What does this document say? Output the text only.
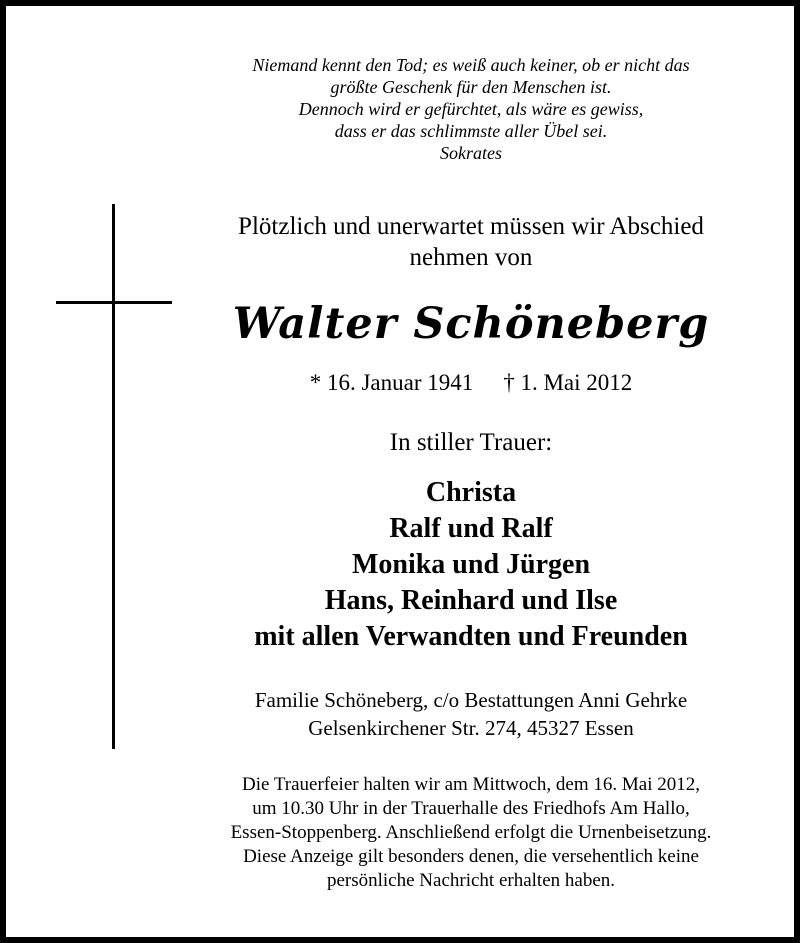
Niemand kennt den Tod; es weiß auch keiner, ob er nicht das
größte Geschenk für den Menschen ist.
Dennoch wird er gefürchtet, als wäre es gewiss,
dass er das schlimmste aller Übel sei.
Sokrates
Plötzlich und unerwartet müssen wir Abschied
nehmen von
Walter Schöneberg
* 16. Januar 1941 † 1. Mai 2012
In stiller Trauer:
Christa
Ralf und Ralf
Monika und Jürgen
Hans, Reinhard und Ilse
mit allen Verwandten und Freunden
Familie Schöneberg, c/o Bestattungen Anni Gehrke
Gelsenkirchener Str. 274, 45327 Essen
Die Trauerfeier halten wir am Mittwoch, dem 16. Mai 2012,
um 10.30 Uhr in der Trauerhalle des Friedhofs Am Hallo,
Essen-Stoppenberg. Anschließend erfolgt die Urnenbeisetzung.
Diese Anzeige gilt besonders denen, die versehentlich keine
persönliche Nachricht erhalten haben.
